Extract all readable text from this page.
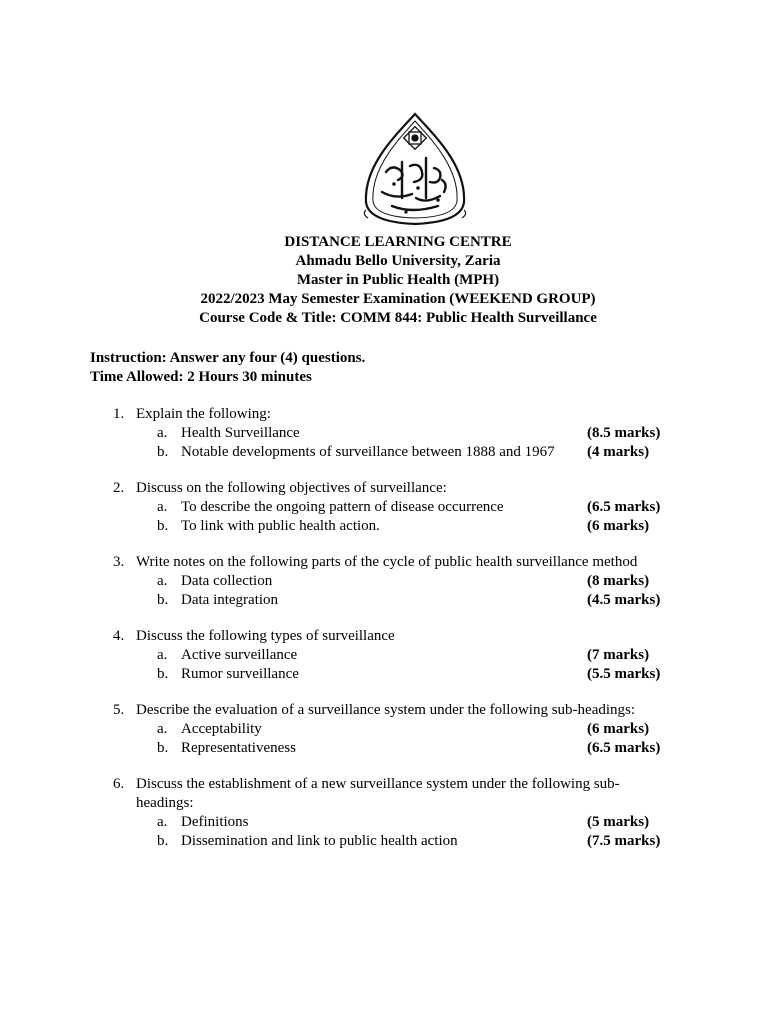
DISTANCE LEARNING CENTRE
Ahmadu Bello University, Zaria
Master in Public Health (MPH)
2022/2023 May Semester Examination (WEEKEND GROUP)
Course Code & Title: COMM 844: Public Health Surveillance
Instruction: Answer any four (4) questions.
Time Allowed: 2 Hours 30 minutes
1. Explain the following:
a. Health Surveillance	(8.5 marks)
b. Notable developments of surveillance between 1888 and 1967 (4 marks)
2. Discuss on the following objectives of surveillance:
a. To describe the ongoing pattern of disease occurrence	(6.5 marks)
b. To link with public health action.	(6 marks)
3. Write notes on the following parts of the cycle of public health surveillance method
a. Data collection	(8 marks)
b. Data integration	(4.5 marks)
4. Discuss the following types of surveillance
a. Active surveillance	(7 marks)
b. Rumor surveillance	(5.5 marks)
5. Describe the evaluation of a surveillance system under the following sub-headings:
a. Acceptability	(6 marks)
b. Representativeness	(6.5 marks)
6. Discuss the establishment of a new surveillance system under the following sub-headings:
a. Definitions	(5 marks)
b. Dissemination and link to public health action	(7.5 marks)
